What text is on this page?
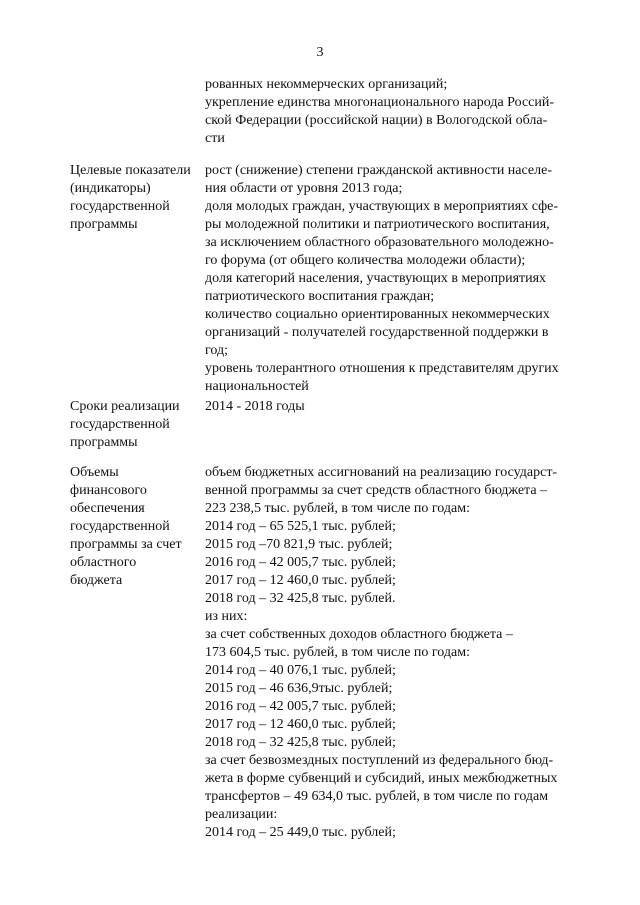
3
рованных некоммерческих организаций;
укрепление единства многонационального народа Россий-
ской Федерации (российской нации) в Вологодской обла-
сти
Целевые показатели
(индикаторы)
государственной
программы
рост (снижение) степени гражданской активности населе-
ния области от уровня 2013 года;
доля молодых граждан, участвующих в мероприятиях сфе-
ры молодежной политики и патриотического воспитания,
за исключением областного образовательного молодежно-
го форума (от общего количества молодежи области);
доля категорий населения, участвующих в мероприятиях
патриотического воспитания граждан;
количество социально ориентированных некоммерческих
организаций - получателей государственной поддержки в
год;
уровень толерантного отношения к представителям других
национальностей
Сроки реализации
государственной
программы
2014 - 2018 годы
Объемы
финансового
обеспечения
государственной
программы за счет
областного
бюджета
объем бюджетных ассигнований на реализацию государст-
венной программы за счет средств областного бюджета –
223 238,5 тыс. рублей, в том числе по годам:
2014 год – 65 525,1 тыс. рублей;
2015 год –70 821,9 тыс. рублей;
2016 год – 42 005,7 тыс. рублей;
2017 год – 12 460,0 тыс. рублей;
2018 год – 32 425,8 тыс. рублей.
из них:
за счет собственных доходов областного бюджета –
173 604,5 тыс. рублей, в том числе по годам:
2014 год – 40 076,1 тыс. рублей;
2015 год – 46 636,9тыс. рублей;
2016 год – 42 005,7 тыс. рублей;
2017 год – 12 460,0 тыс. рублей;
2018 год – 32 425,8 тыс. рублей;
за счет безвозмездных поступлений из федерального бюд-
жета в форме субвенций и субсидий, иных межбюджетных
трансфертов – 49 634,0 тыс. рублей, в том числе по годам
реализации:
2014 год – 25 449,0 тыс. рублей;
